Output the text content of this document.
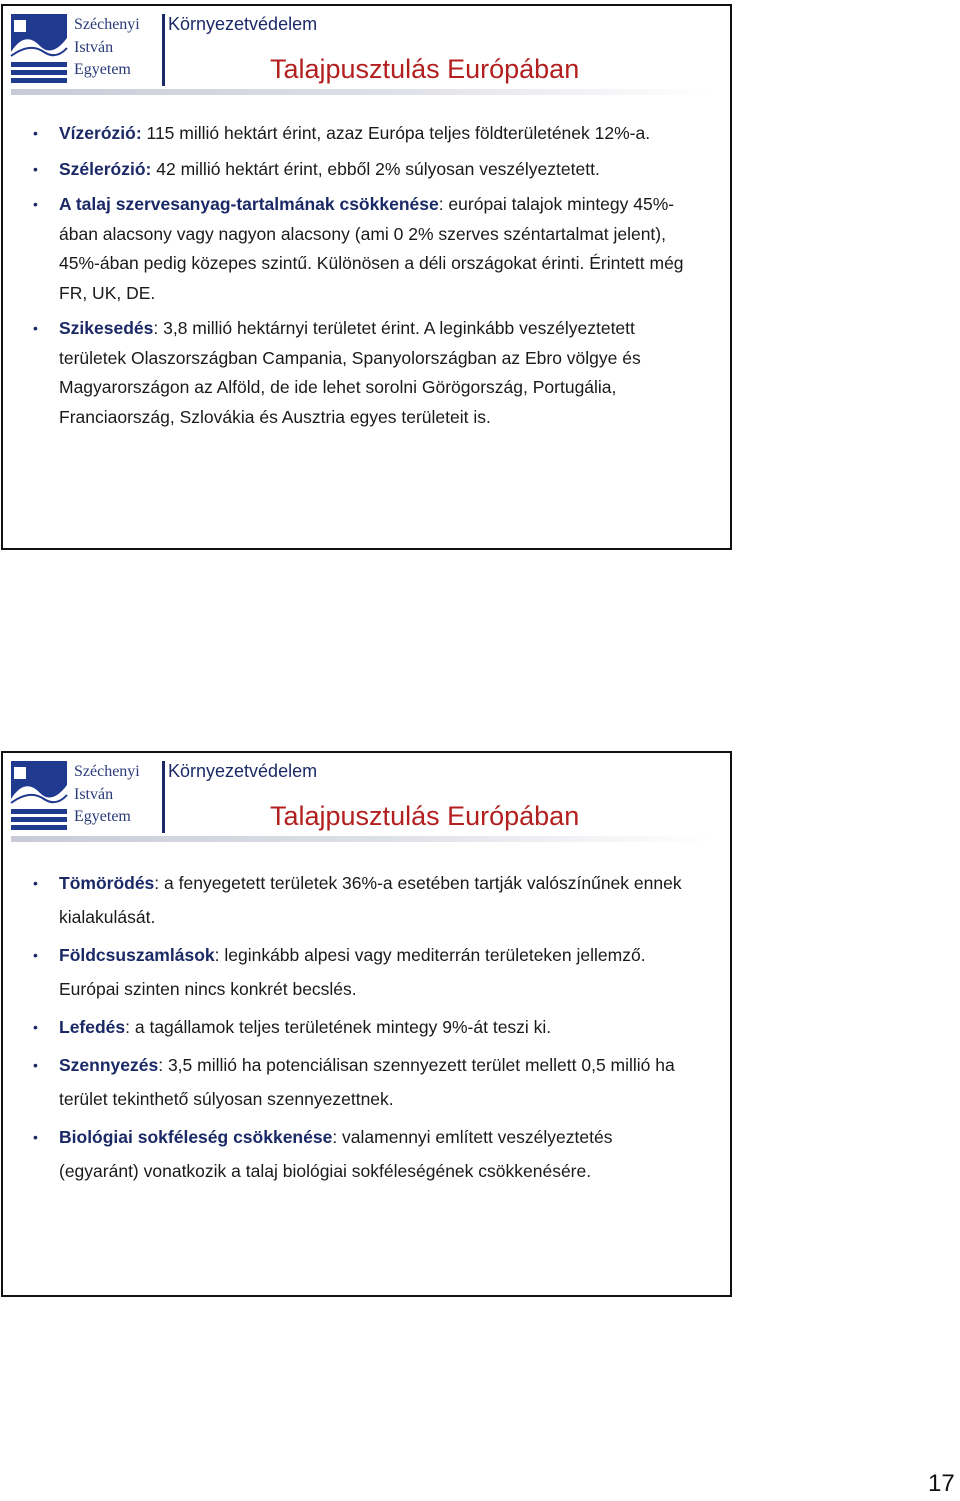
Széchenyi
István
Egyetem
Környezetvédelem
Talajpusztulás Európában
• Vízerózió: 115 millió hektárt érint, azaz Európa teljes földterületének 12%-a.
• Szélerózió: 42 millió hektárt érint, ebből 2% súlyosan veszélyeztetett.
• A talaj szervesanyag-tartalmának csökkenése: európai talajok mintegy 45%-ában alacsony vagy nagyon alacsony (ami 0 2% szerves széntartalmat jelent), 45%-ában pedig közepes szintű. Különösen a déli országokat érinti. Érintett még FR, UK, DE.
• Szikesedés: 3,8 millió hektárnyi területet érint. A leginkább veszélyeztetett területek Olaszországban Campania, Spanyolországban az Ebro völgye és Magyarországon az Alföld, de ide lehet sorolni Görögország, Portugália, Franciaország, Szlovákia és Ausztria egyes területeit is.
Széchenyi
István
Egyetem
Környezetvédelem
Talajpusztulás Európában
• Tömörödés: a fenyegetett területek 36%-a esetében tartják valószínűnek ennek kialakulását.
• Földcsuszamlások: leginkább alpesi vagy mediterrán területeken jellemző. Európai szinten nincs konkrét becslés.
• Lefedés: a tagállamok teljes területének mintegy 9%-át teszi ki.
• Szennyezés: 3,5 millió ha potenciálisan szennyezett terület mellett 0,5 millió ha terület tekinthető súlyosan szennyezettnek.
• Biológiai sokféleség csökkenése: valamennyi említett veszélyeztetés (egyaránt) vonatkozik a talaj biológiai sokféleségének csökkenésére.
17
